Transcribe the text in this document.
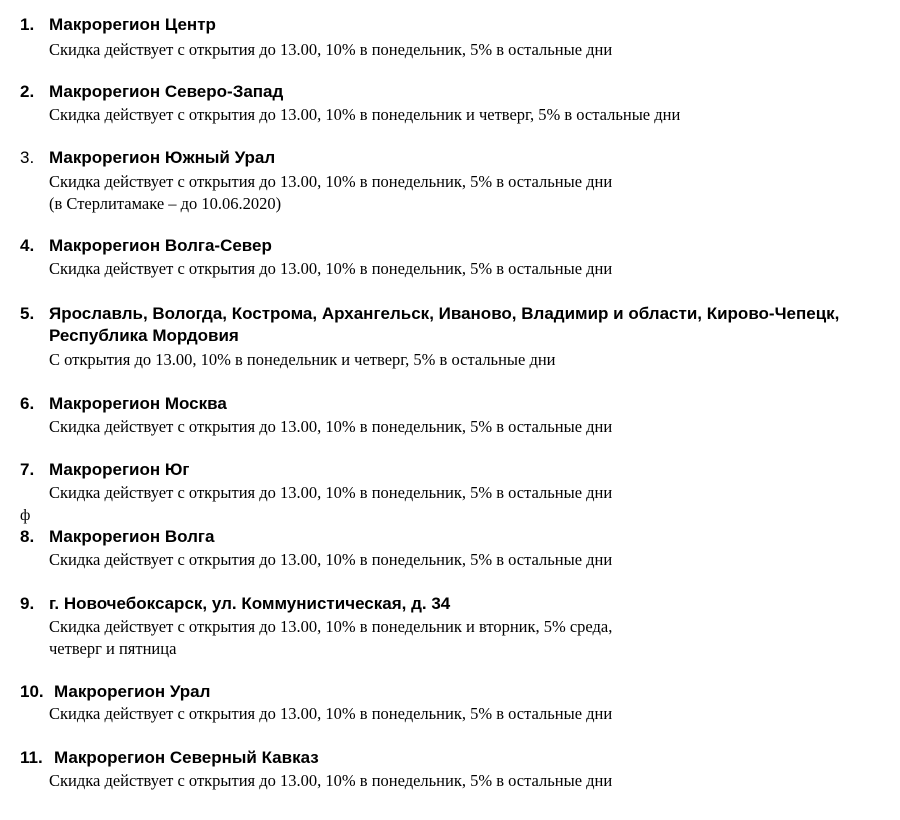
1. Макрорегион Центр
Скидка действует с открытия до 13.00, 10% в понедельник, 5% в остальные дни
2. Макрорегион Северо-Запад
Скидка действует с открытия до 13.00, 10% в понедельник и четверг, 5% в остальные дни
3. Макрорегион Южный Урал
Скидка действует с открытия до 13.00, 10% в понедельник, 5% в остальные дни
(в Стерлитамаке – до 10.06.2020)
4. Макрорегион Волга-Север
Скидка действует с открытия до 13.00, 10% в понедельник, 5% в остальные дни
5. Ярославль, Вологда, Кострома, Архангельск, Иваново, Владимир и области, Кирово-Чепецк, Республика Мордовия
С открытия до 13.00, 10% в понедельник и четверг, 5% в остальные дни
6. Макрорегион Москва
Скидка действует с открытия до 13.00, 10% в понедельник, 5% в остальные дни
7. Макрорегион Юг
Скидка действует с открытия до 13.00, 10% в понедельник, 5% в остальные дни
ф
8. Макрорегион Волга
Скидка действует с открытия до 13.00, 10% в понедельник, 5% в остальные дни
9. г. Новочебоксарск, ул. Коммунистическая, д. 34
Скидка действует с открытия до 13.00, 10% в понедельник и вторник, 5% среда,
четверг и пятница
10. Макрорегион Урал
Скидка действует с открытия до 13.00, 10% в понедельник, 5% в остальные дни
11. Макрорегион Северный Кавказ
Скидка действует с открытия до 13.00, 10% в понедельник, 5% в остальные дни
